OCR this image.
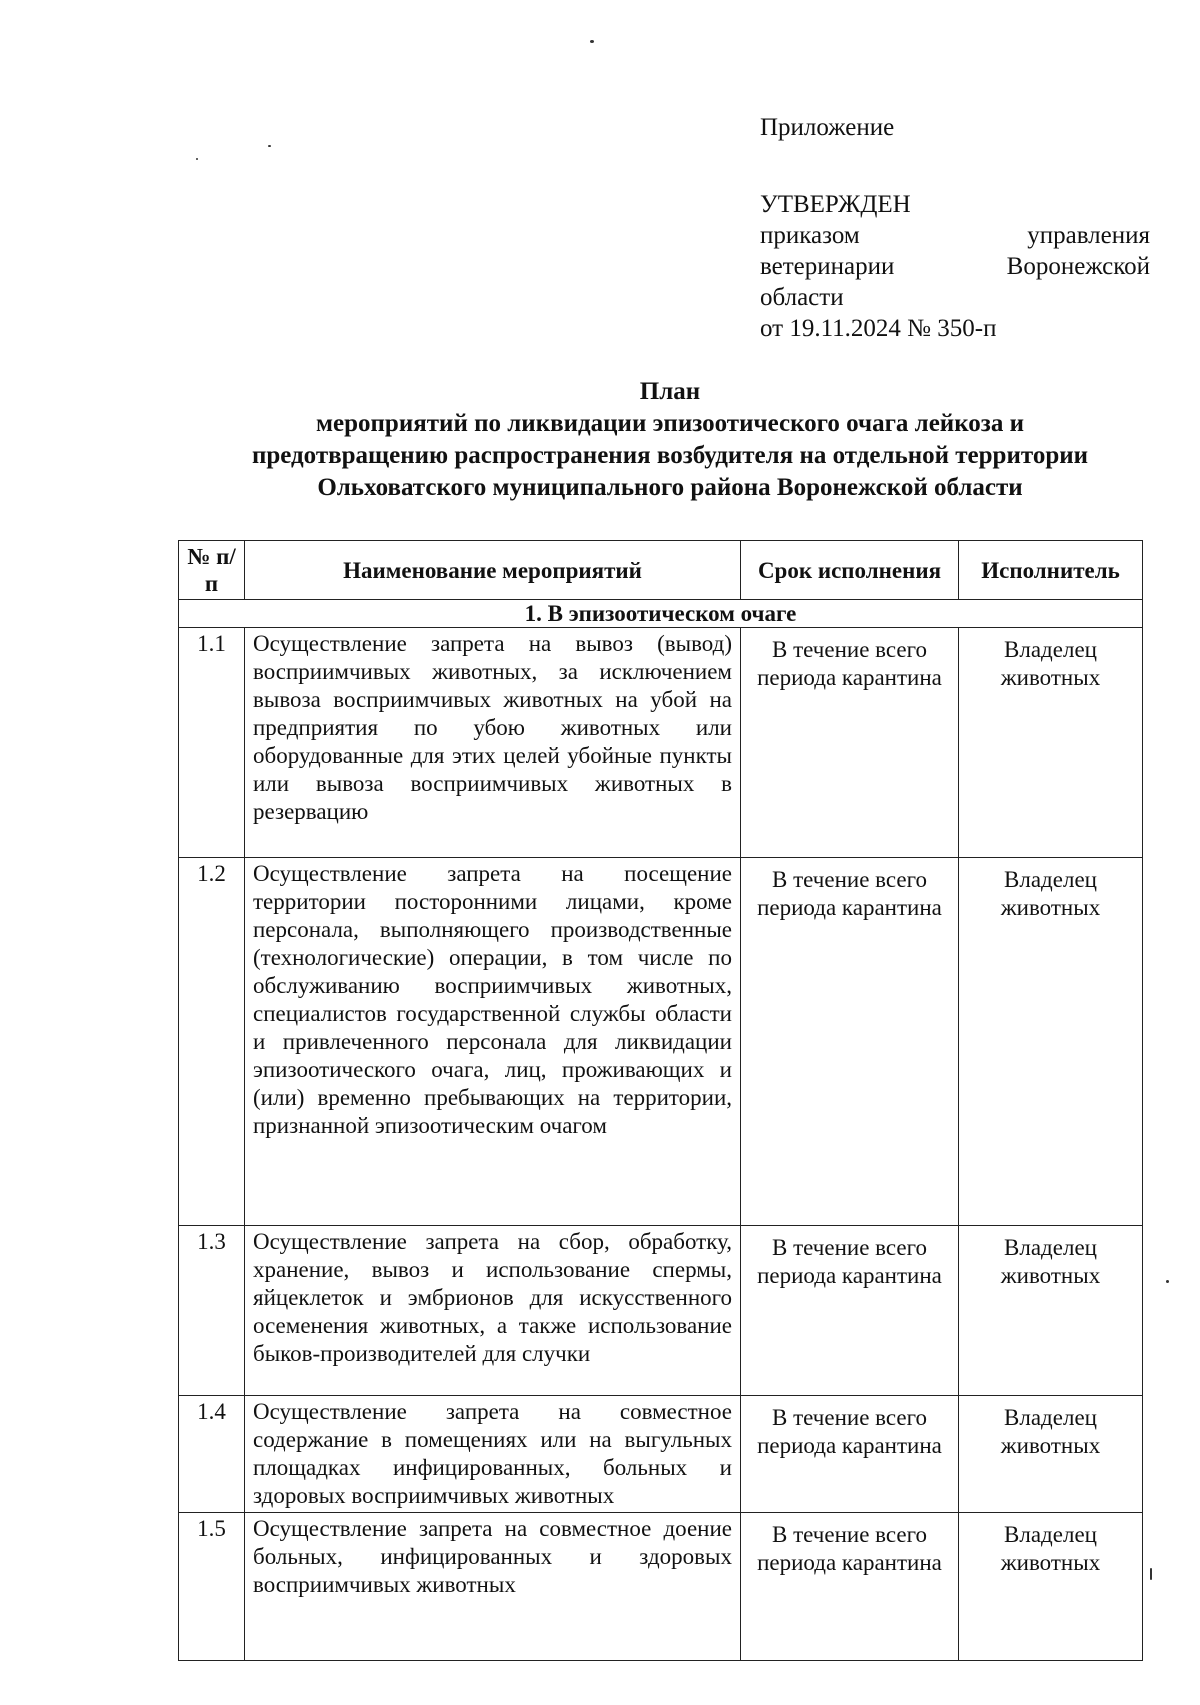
Приложение
УТВЕРЖДЕН
приказом	управления
ветеринарии	Воронежской
области
от 19.11.2024 № 350-п
План
мероприятий по ликвидации эпизоотического очага лейкоза и
предотвращению распространения возбудителя на отдельной территории
Ольховатского муниципального района Воронежской области
№ п/п	Наименование мероприятий	Срок исполнения	Исполнитель
1. В эпизоотическом очаге			
1.1	Осуществление запрета на вывоз (вывод) восприимчивых животных, за исключением вывоза восприимчивых животных на убой на предприятия по убою животных или оборудованные для этих целей убойные пункты или вывоза восприимчивых животных в резервацию	В течение всего периода карантина	Владелец животных
1.2	Осуществление запрета на посещение территории посторонними лицами, кроме персонала, выполняющего производственные (технологические) операции, в том числе по обслуживанию восприимчивых животных, специалистов государственной службы области и привлеченного персонала для ликвидации эпизоотического очага, лиц, проживающих и (или) временно пребывающих на территории, признанной эпизоотическим очагом	В течение всего периода карантина	Владелец животных
1.3	Осуществление запрета на сбор, обработку, хранение, вывоз и использование спермы, яйцеклеток и эмбрионов для искусственного осеменения животных, а также использование быков-производителей для случки	В течение всего периода карантина	Владелец животных
1.4	Осуществление запрета на совместное содержание в помещениях или на выгульных площадках инфицированных, больных и здоровых восприимчивых животных	В течение всего периода карантина	Владелец животных
1.5	Осуществление запрета на совместное доение больных, инфицированных и здоровых восприимчивых животных	В течение всего периода карантина	Владелец животных
